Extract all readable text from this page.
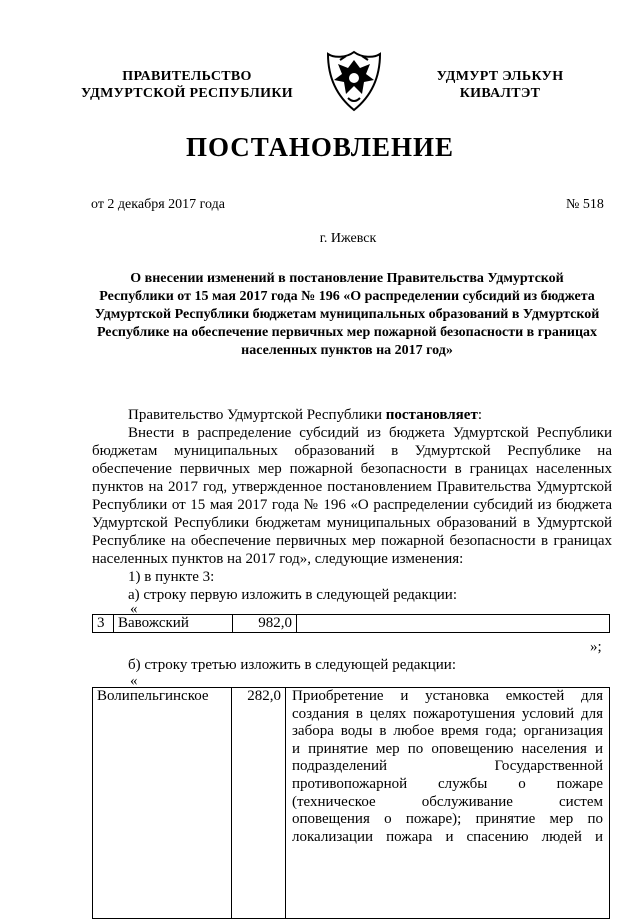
ПРАВИТЕЛЬСТВО
УДМУРТСКОЙ РЕСПУБЛИКИ
УДМУРТ ЭЛЬКУН
КИВАЛТЭТ
ПОСТАНОВЛЕНИЕ
от 2 декабря 2017 года	№ 518
г. Ижевск
О внесении изменений в постановление Правительства Удмуртской Республики от 15 мая 2017 года № 196 «О распределении субсидий из бюджета Удмуртской Республики бюджетам муниципальных образований в Удмуртской Республике на обеспечение первичных мер пожарной безопасности в границах населенных пунктов на 2017 год»
Правительство Удмуртской Республики постановляет:
Внести в распределение субсидий из бюджета Удмуртской Республики
бюджетам муниципальных образований в Удмуртской Республике на
обеспечение первичных мер пожарной безопасности в границах населенных
пунктов на 2017 год, утвержденное постановлением Правительства Удмуртской
Республики от 15 мая 2017 года № 196 «О распределении субсидий из бюджета
Удмуртской Республики бюджетам муниципальных образований в Удмуртской
Республике на обеспечение первичных мер пожарной безопасности в границах
населенных пунктов на 2017 год», следующие изменения:
1) в пункте 3:
а) строку первую изложить в следующей редакции:
«
3	Вавожский	982,0	
»;
б) строку третью изложить в следующей редакции:
«
Волипельгинское	282,0	Приобретение и установка емкостей для
создания в целях пожаротушения условий для
забора воды в любое время года; организация
и принятие мер по оповещению населения и
подразделений Государственной
противопожарной службы о пожаре
(техническое обслуживание систем
оповещения о пожаре); принятие мер по
локализации пожара и спасению людей и
